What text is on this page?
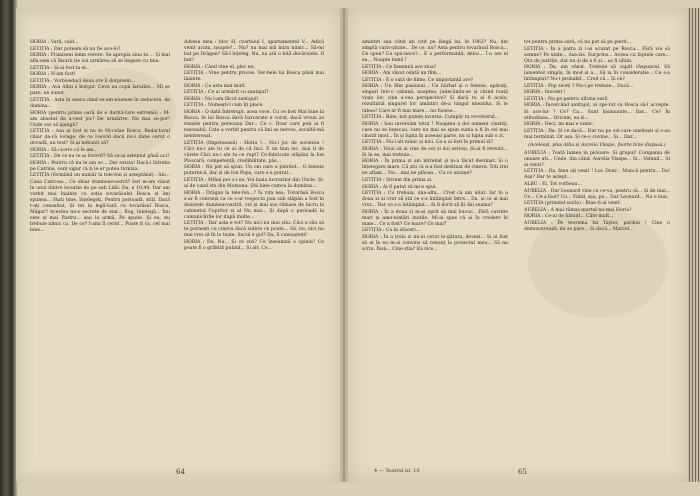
HORIA : Vară, cald...

LETIȚIA : Dar poteam să nu fie aco-lo?

HORIA : Primiseni iemn cerere. Se apropia ziua ta ... Și mai afla-sem că îhsurii ție sui urmărea să se lingeze cu tine.

LETIȚIA : Și-ai fost la el...

HORIA : N-am fost!

LETIȚIA : Vorbiseduci doua ore îi dorpisem...

HORIA : Ava Albu ș borgur. Ceva au copii îaruiliei... Mi se pare, un sunet.

LETIȚIA : Asta în seara când se-am-niuense în reducere, de dumina...

HORIA (pentru prima oară de o durită-tare extremă) : M-am absolut de a-cest joc! De urmărire. Nu mai su-por! Unde vor să ajungă?

LETIȚIA : Asa ai fost și nu te Ni-colae Rosca. Redactorul chiar da-că locuge; de ce l-aovid dacă nu-i dane cerut o dovadă, un test? Și-ai nebunit să?

HORIA : Să cicero că le am...

LETIȚIA : De ce nu te-ai forovit? Să ce-ai așteptat până aci?

HORIA : Pentru că nu le am ec... Dar exista! Dacă-i întreba pe Catrina, sunt sigur că ți le-ar putea furniza.

LETIȚIA (formând un număr la tele-fon și așteptând) : Alo... Cana Catri-na... Ce obiar dumneavoastră? Ieri m-am văzut în unul dintre locurile de pe sub Lidii. Da, e 10.44. Dar am vorbit mai înainte cu soția tovarăsului Rosca și îmi spunea... Stați bine, înțelegeți, Pentru perioadă, știți. Dacă t-ați consultat, Și tot la legă-tură cu tovarăsul Rosca, Măgar? Acestea nu-s secrete de stat... Rog, înțelegă... Îmi este și mai Pastru... sau la urmă, Pe spune. Și ea, nu trebuie nimic ca. De ce? I-ami îl cerut... Poate fi ca, cel mai bine...

Adresa mea : bloc H, cvartalul I, apartamentul V... Adică venit acum, noapte?... Nu? nu mai mă mira nimic... Să-mi bat pe Drăgan? Să-l înțeleg, Nu, nu știi o fată decăruiele. Il bat?

HORIA : Când vine el, plec eu.

LETIȚIA : Vine pentru proces. Ver-bele lui Rosca până mai înainte.

HORIA : Cu asta mai mult.

LETIȚIA : Ce ai urmărit cu șantajul?

HORIA : Nu l-am făcut șantajul!

LETIȚIA : Numești-l cum îți place.

HORIA : O dată Întrerupt, acea voce. Cu ce fost Mai bine la Rosca, în lui Rosca dacă harcerate e curat, dacă vreun as reușite pentru persoana Dar... Ce c. Doar care poți ai fi rezonabil, Cate a vorbit pentru că îmi se nervos, ascultă-mă neinteresat.

LETIȚIA (Impetuoasă) : Horia !... Nu-i joc de sociezea ! Căci nu-i ale tu ce ai de că faci. E un bun loc, mai ți de vârste Căci nu-i ale tu ce rupt? Ce-fabricate stăpâni la Ion Ploscară, competență, credibilitate, păs...

HORIA : Nu pot să spun. Un om care a pierdut... O femeie puternică, dar și de Ion Popa, care s-a pornit...

LETIȚIA : Mihai pot s-i ea. Voi luaia lucrurilor din Uncle. Și-ai de cand stu din Momona: Știi bine cumva la dumitas...

HORIA : Drăgan la tele-fon...? Îa vița nea. Tovarăsă Rosca s-ar fi convinși ca ce s-ar respecta pun sub stăpân a fost în dosarele dumneavoastră, voi și mai sus rămase de lucru la cabinetul Coprilor și al Nu mai... Și după o perioadă la comunicările lor după multe...

LETIȚIA : Dar asta e tot? Nu nici nu mai știu. Căci e rău să te pornești cu cineva dacă sufere ce poate... Să, nu, nici nu mai vrei să fii la toate. Sacul e gol? Da, îl cunoașteți!

HORIA : Da. Nu... Și ce vizi? Ce înseamnă o opinie? Ce poate fi o grăbită putină... Și alt, Ce...

64

amintiri sau când ați citit pe lângă lui, în 1962? Nu, din simplă curio-zitate... De ce, nu? Asta pentru tovarășul Rosca... Ce spun? Ce spu-nece?... E o performanță, deloc... Î-a are el ea... Noapte bună !

LETIȚIA : Ce însemnă ave ziua?

HORIA : Am văzut odată un film...

LETIȚIA : E o sută de filme. Ce importanță are?

HORIA : Un film pasional... Un bărbat și o femeie, apărați, singuri într-o cabană, noaptea, judecându-se și citind toată viața lor, cine a-vea perspective? Și dacă tu ai fi acolo, rezultatul singurei lor amintiri de-a lungul miezului. Și le iubea? Care ar fi mai mare... nu fusese...

LETIȚIA : Bine, not putem inversa. Cumpăr tu revolverul...

HORIA : Sau inversăm totul ! Noaptea a doi oameni cinstiți, care nu se lunecau, care nu mai se spun suma a fi în cel mai cinstit mod... În și lupta în aceeași parte, nu și lupta sub o zi.

LETIȚIA : Nu-i alt nimic și nici. Ce-a ai fost în primul zi?

HORIA : Voiai să ai vine de soț și doi serioși. Și-ai fi revenit... Și în ea, mai trebuie...

HORIA : În prima zi am întrebat și m-a făcut destinat. Și o înțelegere mare. Că știi că n-a fost destinat de cineva. Toți trei ne aflam... Nu... mai ne plăcea... Cu ce anume?

LETIȚIA : Știrem din prima zi.

HORIA : Ai fi putut să mi-o spui.

LETIȚIA : Cu trebuia, una-alta... Cred că am uitat. Iar în a doua zi ai vrut să știi ce s-a întâmplat între... Da, și ce ai mai vrut... Dar ce s-a întâmplat... Ai fi dorit să îți dai seama?

HORIA : În a doua zi m-ai oprit să mai bucur... Fără cuvinte mari și ame-nințări inutile. Mi-ai spus că ai în credere în mine... Ce a fost? Ce mare? Ce mai?

LETIȚIA : Ca în afaceri...

HORIA : În a treia zi mi-ai cerut le-gătura, dovezi... Și ai fost să ai în eu m-ai convins să renunț la proiectul meu... Să nu scriu. Însă... Cine știa? Ea zice...

tot pentru prima oară, că nu pot să pe pierd...

LETIȚIA : În a patra zi i-ai acuzat pe Rosca... Fără voi să semne? Pe unde... Asa-zis. Surprins... Aceea cu faptele care... Ora de justiție, dar nu și de a fi și... aș fi ultim.

HORIA : Da, am văzut. Trebuie să capăt răspunsul. Să lamentez simplu, în mod și a... Să ia în considerație... Ce s-a întâmplat? Nu-i probabil... Cred că... Și ce?

LETIȚIA : Pop ziceți ? Nu-i pe trebuie... Dacă...

HORIA : Inocent !

LETIȚIA : Nu pe pentru ultima oară.

HORIA : Încercând șantajul, ai spe-rat ca Rosca să-l accepte. Și ace-lor ? Ce? Ca... Sunt însinuante... Dar... Ce? În atitudinea... Oricum, ea și...

HORIA : Deci, nu mai e nimic.

LETIȚIA : Da. Și ce dacă... Dar nu pe cel care uneltești și s-au mai terminat. Or așa. Și ce-o cuvine... Și... Dar...

(Aceleași, plus Albu și Aurelia Vlaspe, foarte bine dispusă.)

AURELIA : Toată lumea în picioare. Și grupul! Compania de onoare ați... Unde, din când, Aurelia Vlaspe... Și... Venind... Și ai venit?

LETIȚIA : Da, bine ați venit ! Luc Doar... Muncă pentru... Da! Așa? Dar te aștept...

ALBU : Ei. Tot vorbeau...

AURELIA : Dar Leonard vine cu ce-va, pentru că... Și de mai... Ce... Ce-a fost? Cu... Fiind, așa, pe... Dar Leonard... Nu e bun.

LETIȚIA (primind surâs) : Bine ți-ai venit.

AURELIA : A mai rămas mortul nu-mai Horia?

HORIA : Ce-ai de bănuit... Câte mult...

AURELIA : Pe teorema lui Taylor, pardon ! Cine o demonstrează, mi se pare... Și dacă... Marcel...

4 — Teatrul nr. 10	65
